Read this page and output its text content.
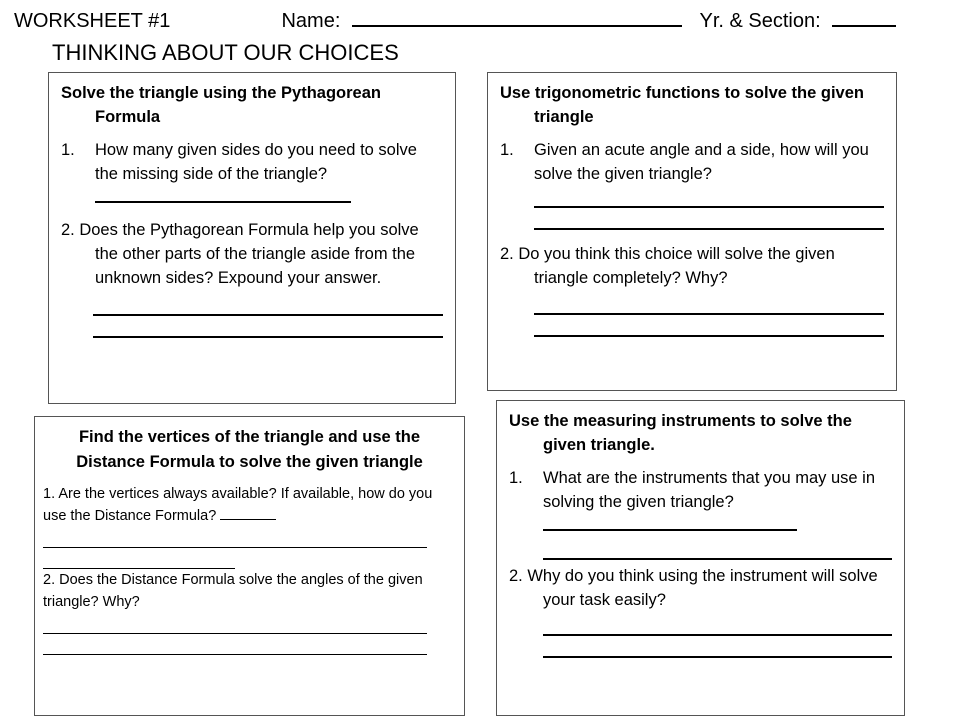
WORKSHEET #1	Name:	Yr. & Section:
THINKING ABOUT OUR CHOICES
Solve the triangle using the Pythagorean Formula
1. How many given sides do you need to solve the missing side of the triangle?
2. Does the Pythagorean Formula help you solve the other parts of the triangle aside from the unknown sides? Expound your answer.
Use trigonometric functions to solve the given triangle
1. Given an acute angle and a side, how will you solve the given triangle?
2. Do you think this choice will solve the given triangle completely? Why?
Find the vertices of the triangle and use the Distance Formula to solve the given triangle
1. Are the vertices always available? If available, how do you use the Distance Formula?
2. Does the Distance Formula solve the angles of the given triangle? Why?
Use the measuring instruments to solve the given triangle.
1. What are the instruments that you may use in solving the given triangle?
2. Why do you think using the instrument will solve your task easily?
